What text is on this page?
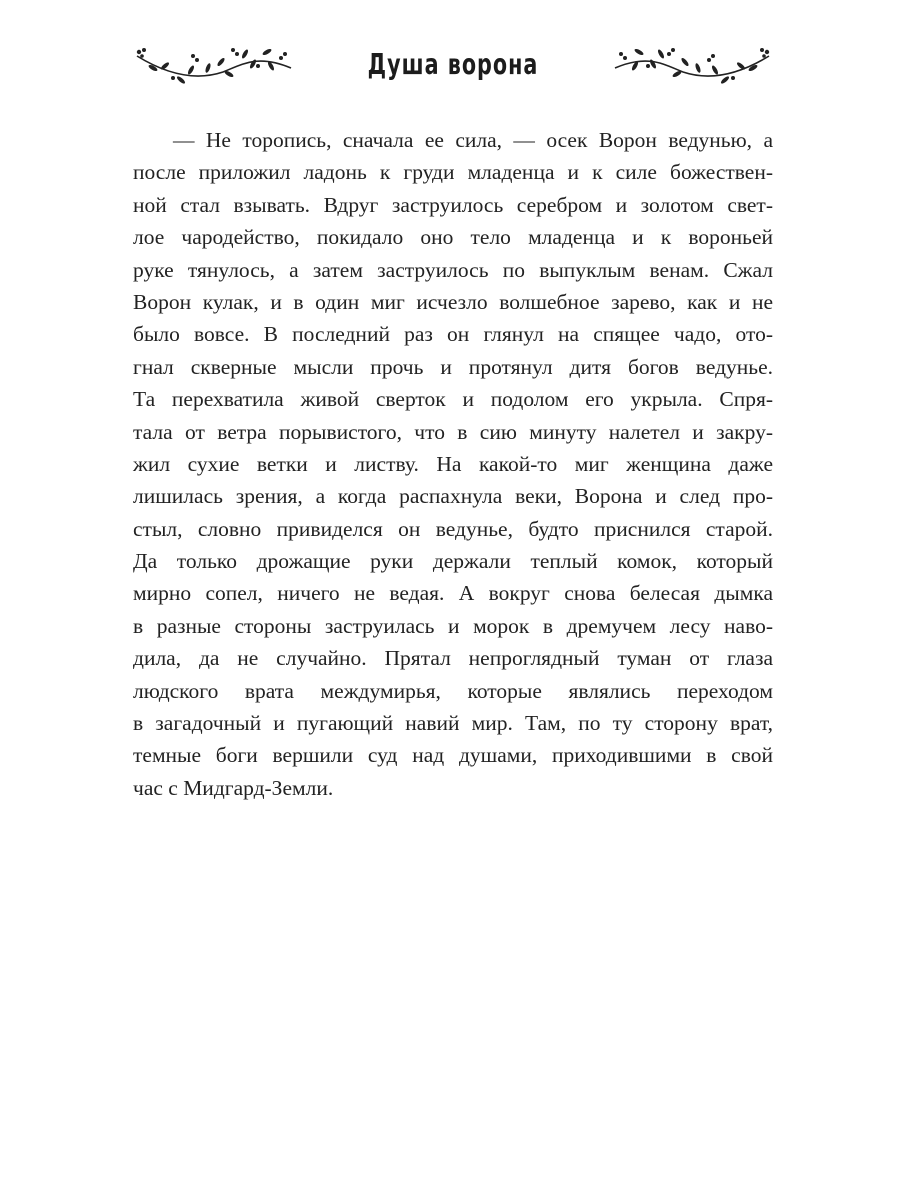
Душа ворона
— Не торопись, сначала ее сила, — осек Ворон ведунью, а
после приложил ладонь к груди младенца и к силе божествен-
ной стал взывать. Вдруг заструилось серебром и золотом свет-
лое чародейство, покидало оно тело младенца и к вороньей
руке тянулось, а затем заструилось по выпуклым венам. Сжал
Ворон кулак, и в один миг исчезло волшебное зарево, как и не
было вовсе. В последний раз он глянул на спящее чадо, ото-
гнал скверные мысли прочь и протянул дитя богов ведунье.
Та перехватила живой сверток и подолом его укрыла. Спря-
тала от ветра порывистого, что в сию минуту налетел и закру-
жил сухие ветки и листву. На какой-то миг женщина даже
лишилась зрения, а когда распахнула веки, Ворона и след про-
стыл, словно привиделся он ведунье, будто приснился старой.
Да только дрожащие руки держали теплый комок, который
мирно сопел, ничего не ведая. А вокруг снова белесая дымка
в разные стороны заструилась и морок в дремучем лесу наво-
дила, да не случайно. Прятал непроглядный туман от глаза
людского врата междумирья, которые являлись переходом
в загадочный и пугающий навий мир. Там, по ту сторону врат,
темные боги вершили суд над душами, приходившими в свой
час с Мидгард-Земли.
